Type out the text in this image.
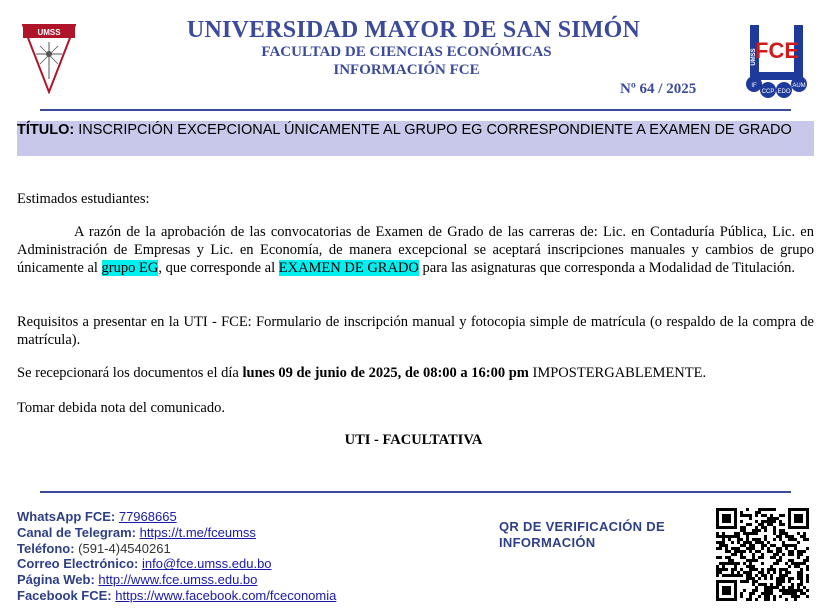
UMSS
UMSS
FCE
IF
CCP EDO
AUM
UNIVERSIDAD MAYOR DE SAN SIMÓN
FACULTAD DE CIENCIAS ECONÓMICAS
INFORMACIÓN FCE
Nº 64 / 2025
TÍTULO: INSCRIPCIÓN EXCEPCIONAL ÚNICAMENTE AL GRUPO EG CORRESPONDIENTE A EXAMEN DE GRADO
Estimados estudiantes:
A razón de la aprobación de las convocatorias de Examen de Grado de las carreras de: Lic. en Contaduría Pública, Lic. en Administración de Empresas y Lic. en Economía, de manera excepcional se aceptará inscripciones manuales y cambios de grupo únicamente al grupo EG, que corresponde al EXAMEN DE GRADO para las asignaturas que corresponda a Modalidad de Titulación.
Requisitos a presentar en la UTI - FCE: Formulario de inscripción manual y fotocopia simple de matrícula (o respaldo de la compra de matrícula).
Se recepcionará los documentos el día lunes 09 de junio de 2025, de 08:00 a 16:00 pm IMPOSTERGABLEMENTE.
Tomar debida nota del comunicado.
UTI - FACULTATIVA
WhatsApp FCE: 77968665
Canal de Telegram: https://t.me/fceumss
Teléfono: (591-4)4540261
Correo Electrónico: info@fce.umss.edu.bo
Página Web: http://www.fce.umss.edu.bo
Facebook FCE: https://www.facebook.com/fceconomia
QR DE VERIFICACIÓN DE INFORMACIÓN
